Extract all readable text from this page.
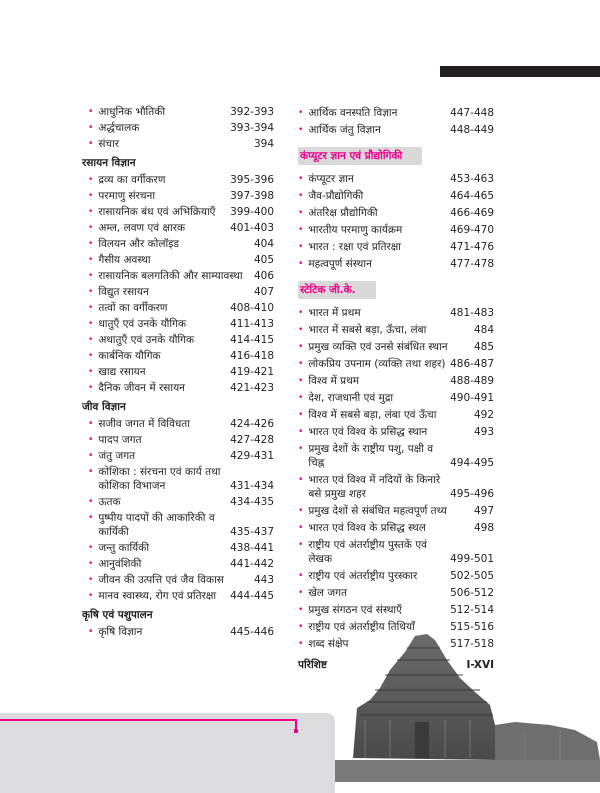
• आधुनिक भौतिकी	392-393
• अर्द्धचालक	393-394
• संचार	394
रसायन विज्ञान
• द्रव्य का वर्गीकरण	395-396
• परमाणु संरचना	397-398
• रासायनिक बंध एवं अभिक्रियाएँ 399-400
• अम्ल, लवण एवं क्षारक	401-403
• विलयन और कोलॉइड	404
• गैसीय अवस्था	405
• रासायनिक बलगतिकी और साम्यावस्था 406
• विद्युत रसायन	407
• तत्वों का वर्गीकरण	408-410
• धातुएँ एवं उनके यौगिक	411-413
• अधातुएँ एवं उनके यौगिक	414-415
• कार्बनिक यौगिक	416-418
• खाद्य रसायन	419-421
• दैनिक जीवन में रसायन	421-423
जीव विज्ञान
• सजीव जगत में विविधता	424-426
• पादप जगत	427-428
• जंतु जगत	429-431
• कोशिका : संरचना एवं कार्य तथा कोशिका विभाजन	431-434
• ऊतक	434-435
• पुष्पीय पादपों की आकारिकी व कार्यिकी	435-437
• जन्तु कार्यिकी	438-441
• आनुवंशिकी	441-442
• जीवन की उत्पत्ति एवं जैव विकास	443
• मानव स्वास्थ्य, रोग एवं प्रतिरक्षा 444-445
कृषि एवं पशुपालन
• कृषि विज्ञान	445-446
• आर्थिक वनस्पति विज्ञान	447-448
• आर्थिक जंतु विज्ञान	448-449
कंप्यूटर ज्ञान एवं प्रौद्योगिकी
• कंप्यूटर ज्ञान	453-463
• जैव-प्रौद्योगिकी	464-465
• अंतरिक्ष प्रौद्योगिकी	466-469
• भारतीय परमाणु कार्यक्रम	469-470
• भारत : रक्षा एवं प्रतिरक्षा	471-476
• महत्वपूर्ण संस्थान	477-478
स्टेटिक जी.के.
• भारत में प्रथम	481-483
• भारत में सबसे बड़ा, ऊँचा, लंबा	484
• प्रमुख व्यक्ति एवं उनसे संबंधित स्थान	485
• लोकप्रिय उपनाम (व्यक्ति तथा शहर) 486-487
• विश्व में प्रथम	488-489
• देश, राजधानी एवं मुद्रा	490-491
• विश्व में सबसे बड़ा, लंबा एवं ऊँचा	492
• भारत एवं विश्व के प्रसिद्ध स्थान	493
• प्रमुख देशों के राष्ट्रीय पशु, पक्षी व चिह्न	494-495
• भारत एवं विश्व में नदियों के किनारे बसे प्रमुख शहर	495-496
• प्रमुख देशों से संबंधित महत्वपूर्ण तथ्य	497
• भारत एवं विश्व के प्रसिद्ध स्थल	498
• राष्ट्रीय एवं अंतर्राष्ट्रीय पुस्तकें एवं लेखक	499-501
• राष्ट्रीय एवं अंतर्राष्ट्रीय पुरस्कार	502-505
• खेल जगत	506-512
• प्रमुख संगठन एवं संस्थाएँ	512-514
• राष्ट्रीय एवं अंतर्राष्ट्रीय तिथियाँ	515-516
• शब्द संक्षेप	517-518
परिशिष्ट	I-XVI
